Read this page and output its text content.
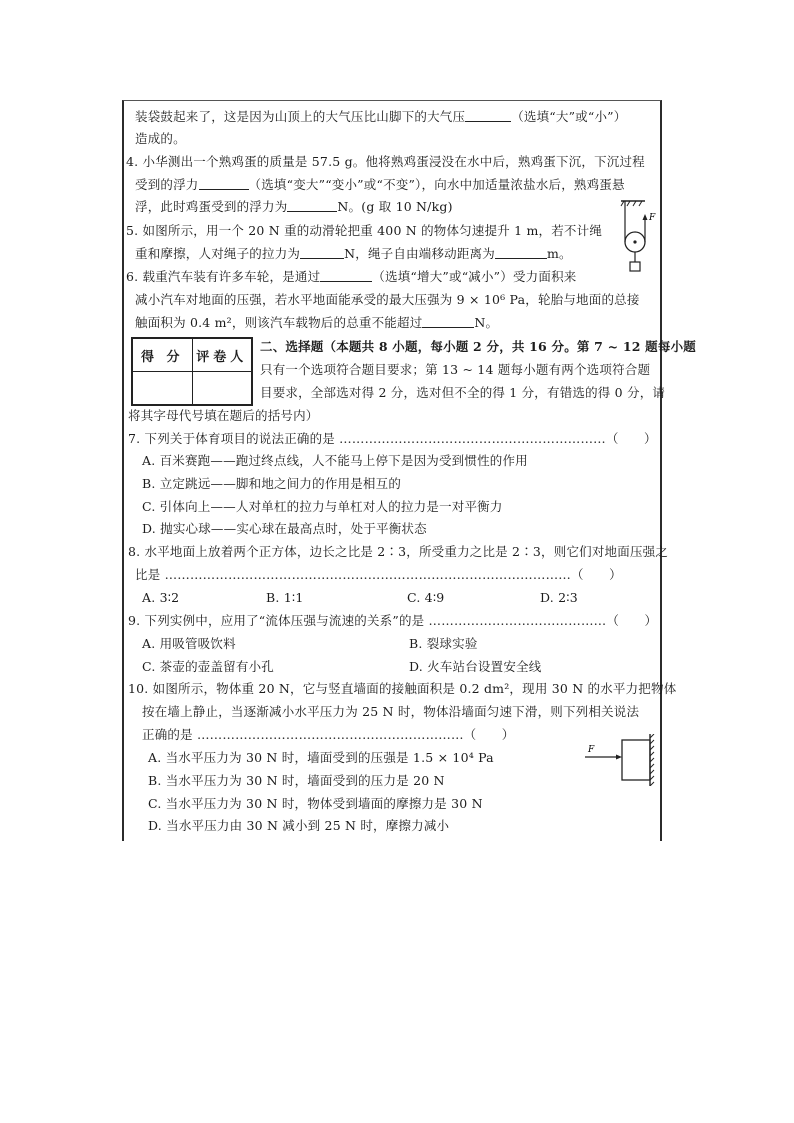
装袋鼓起来了，这是因为山顶上的大气压比山脚下的大气压	（选填“大”或“小”）
造成的。
4. 小华测出一个熟鸡蛋的质量是 57.5 g。他将熟鸡蛋浸没在水中后，熟鸡蛋下沉，下沉过程
受到的浮力	（选填“变大”“变小”或“不变”），向水中加适量浓盐水后，熟鸡蛋悬
浮，此时鸡蛋受到的浮力为	N。(g 取 10 N/kg)
5. 如图所示，用一个 20 N 重的动滑轮把重 400 N 的物体匀速提升 1 m，若不计绳
重和摩擦，人对绳子的拉力为	N，绳子自由端移动距离为	m。
F
6. 载重汽车装有许多车轮，是通过	（选填“增大”或“减小”）受力面积来
减小汽车对地面的压强，若水平地面能承受的最大压强为 9 × 10⁶ Pa，轮胎与地面的总接
触面积为 0.4 m²，则该汽车载物后的总重不能超过	N。
得 分	评卷人

二、选择题（本题共 8 小题，每小题 2 分，共 16 分。第 7 ~ 12 题每小题
只有一个选项符合题目要求；第 13 ~ 14 题每小题有两个选项符合题
目要求，全部选对得 2 分，选对但不全的得 1 分，有错选的得 0 分，请
将其字母代号填在题后的括号内）
7. 下列关于体育项目的说法正确的是 ………………………………………………………（　　）
A. 百米赛跑——跑过终点线，人不能马上停下是因为受到惯性的作用
B. 立定跳远——脚和地之间力的作用是相互的
C. 引体向上——人对单杠的拉力与单杠对人的拉力是一对平衡力
D. 抛实心球——实心球在最高点时，处于平衡状态
8. 水平地面上放着两个正方体，边长之比是 2∶3，所受重力之比是 2∶3，则它们对地面压强之
比是 ……………………………………………………………………………………（　　）
A. 3∶2	B. 1∶1	C. 4∶9	D. 2∶3
9. 下列实例中，应用了“流体压强与流速的关系”的是 ……………………………………（　　）
A. 用吸管吸饮料	B. 裂球实验
C. 茶壶的壶盖留有小孔	D. 火车站台设置安全线
10. 如图所示，物体重 20 N，它与竖直墙面的接触面积是 0.2 dm²，现用 30 N 的水平力把物体
按在墙上静止，当逐渐减小水平压力为 25 N 时，物体沿墙面匀速下滑，则下列相关说法
正确的是 ………………………………………………………（　　）
A. 当水平压力为 30 N 时，墙面受到的压强是 1.5 × 10⁴ Pa
B. 当水平压力为 30 N 时，墙面受到的压力是 20 N
C. 当水平压力为 30 N 时，物体受到墙面的摩擦力是 30 N
D. 当水平压力由 30 N 减小到 25 N 时，摩擦力减小
F
